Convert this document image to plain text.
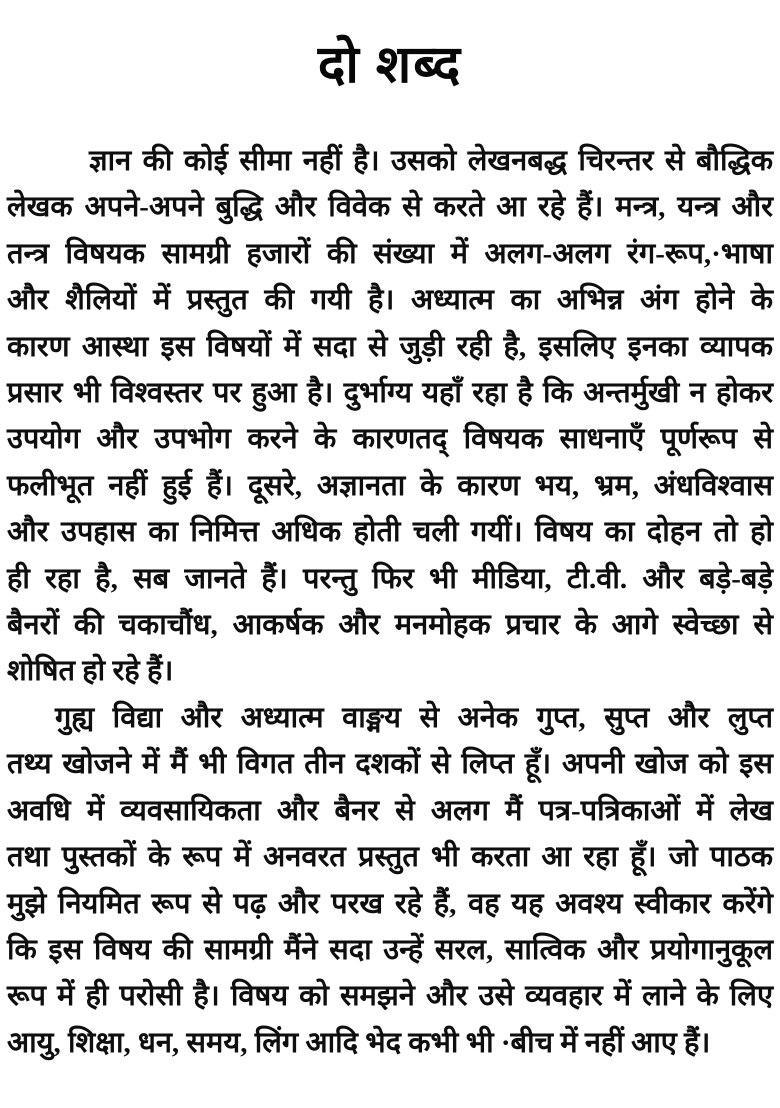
दो शब्द

ज्ञान की कोई सीमा नहीं है। उसको लेखनबद्ध चिरन्तर से बौद्धिक
लेखक अपने-अपने बुद्धि और विवेक से करते आ रहे हैं। मन्त्र, यन्त्र और
तन्त्र विषयक सामग्री हजारों की संख्या में अलग-अलग रंग-रूप,·भाषा
और शैलियों में प्रस्तुत की गयी है। अध्यात्म का अभिन्न अंग होने के
कारण आस्था इस विषयों में सदा से जुड़ी रही है, इसलिए इनका व्यापक
प्रसार भी विश्वस्तर पर हुआ है। दुर्भाग्य यहाँ रहा है कि अन्तर्मुखी न होकर
उपयोग और उपभोग करने के कारणतद् विषयक साधनाएँ पूर्णरूप से
फलीभूत नहीं हुई हैं। दूसरे, अज्ञानता के कारण भय, भ्रम, अंधविश्वास
और उपहास का निमित्त अधिक होती चली गयीं। विषय का दोहन तो हो
ही रहा है, सब जानते हैं। परन्तु फिर भी मीडिया, टी.वी. और बड़े-बड़े
बैनरों की चकाचौंध, आकर्षक और मनमोहक प्रचार के आगे स्वेच्छा से
शोषित हो रहे हैं।

गुह्य विद्या और अध्यात्म वाङ्मय से अनेक गुप्त, सुप्त और लुप्त
तथ्य खोजने में मैं भी विगत तीन दशकों से लिप्त हूँ। अपनी खोज को इस
अवधि में व्यवसायिकता और बैनर से अलग मैं पत्र-पत्रिकाओं में लेख
तथा पुस्तकों के रूप में अनवरत प्रस्तुत भी करता आ रहा हूँ। जो पाठक
मुझे नियमित रूप से पढ़ और परख रहे हैं, वह यह अवश्य स्वीकार करेंगे
कि इस विषय की सामग्री मैंने सदा उन्हें सरल, सात्विक और प्रयोगानुकूल
रूप में ही परोसी है। विषय को समझने और उसे व्यवहार में लाने के लिए
आयु, शिक्षा, धन, समय, लिंग आदि भेद कभी भी ·बीच में नहीं आए हैं।
